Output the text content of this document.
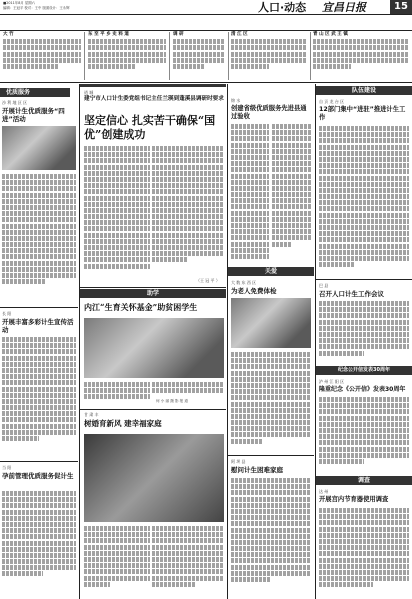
■2011年8月 星期六
编辑：王冠平 校对：王中 版面设计：王永辉	人口·动态 宜昌日报	15
大 竹	东 至 平 乡 史 料 道	调 研	清 江 区	青 山 区 武 王 镇
优质服务
沙 利 地 区 区
开展计生优质服务“四进”活动
长 阳
开展丰富多彩计生宣传活动
当 阳
孕前管理优质服务促计生
道 城
建宁市人口计生委党组书记主任兰瑛到蓬溪县调研时要求
坚定信心 扎实苦干确保“国优”创建成功
（王 冠 平 ）
助学
内江“生育关怀基金”助贫困学生
何 小 丽 摄 影 报 道
甘 肃 丰
树婚育新风 建幸福家庭
锦 水
创建省级优质服务先进县通过验收
关爱
大 数 东 西 区
为老人免费体检
阿 坝 县
慰问计生困难家庭
队伍建设
自 贡 龙 台 区
12部门集中“进驻”推进计生工作
巴 县
召开人口计生工作会议
纪念公开信发表30周年
泸 州 江 阳 区
隆重纪念《公开信》发表30周年
调查
达 州
开展宫内节育器使用调查
